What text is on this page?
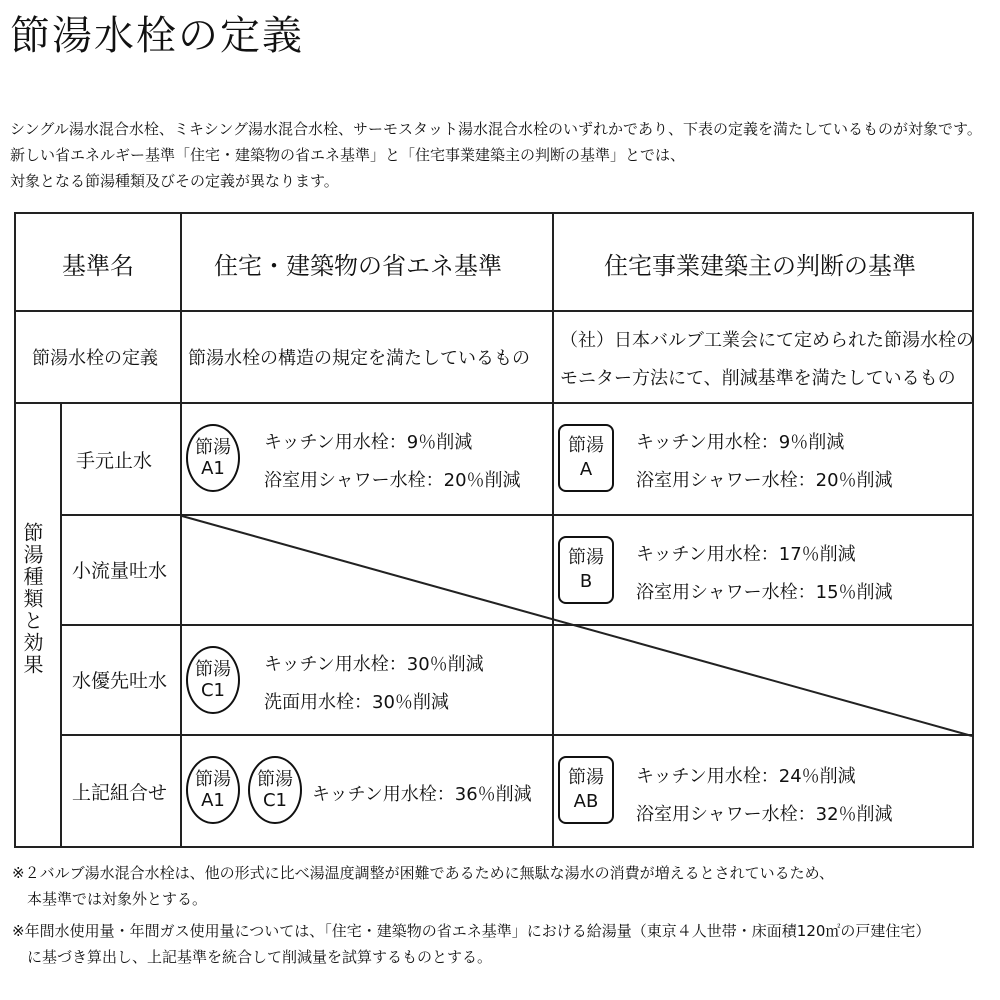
節湯水栓の定義
シングル湯水混合水栓、ミキシング湯水混合水栓、サーモスタット湯水混合水栓のいずれかであり、下表の定義を満たしているものが対象です。
新しい省エネルギー基準「住宅・建築物の省エネ基準」と「住宅事業建築主の判断の基準」とでは、
対象となる節湯種類及びその定義が異なります。
基準名	住宅・建築物の省エネ基準	住宅事業建築主の判断の基準
節湯水栓の定義 節湯水栓の構造の規定を満たしているもの
（社）日本バルブ工業会にて定められた節湯水栓の
モニター方法にて、削減基準を満たしているもの
手元止水
小流量吐水
水優先吐水
上記組合せ
節湯
A1
キッチン用水栓：9％削減
浴室用シャワー水栓：20％削減
節湯
A
キッチン用水栓：9％削減
浴室用シャワー水栓：20％削減
節湯
B
キッチン用水栓：17％削減
浴室用シャワー水栓：15％削減
節湯
C1
キッチン用水栓：30％削減
洗面用水栓：30％削減
節湯
A1
節湯
C1 キッチン用水栓：36％削減
節湯
AB
キッチン用水栓：24％削減
浴室用シャワー水栓：32％削減
節湯種類と効果
※２バルブ湯水混合水栓は、他の形式に比べ湯温度調整が困難であるために無駄な湯水の消費が増えるとされているため、
　本基準では対象外とする。
※年間水使用量・年間ガス使用量については、「住宅・建築物の省エネ基準」における給湯量（東京４人世帯・床面積120㎡の戸建住宅）
　に基づき算出し、上記基準を統合して削減量を試算するものとする。
